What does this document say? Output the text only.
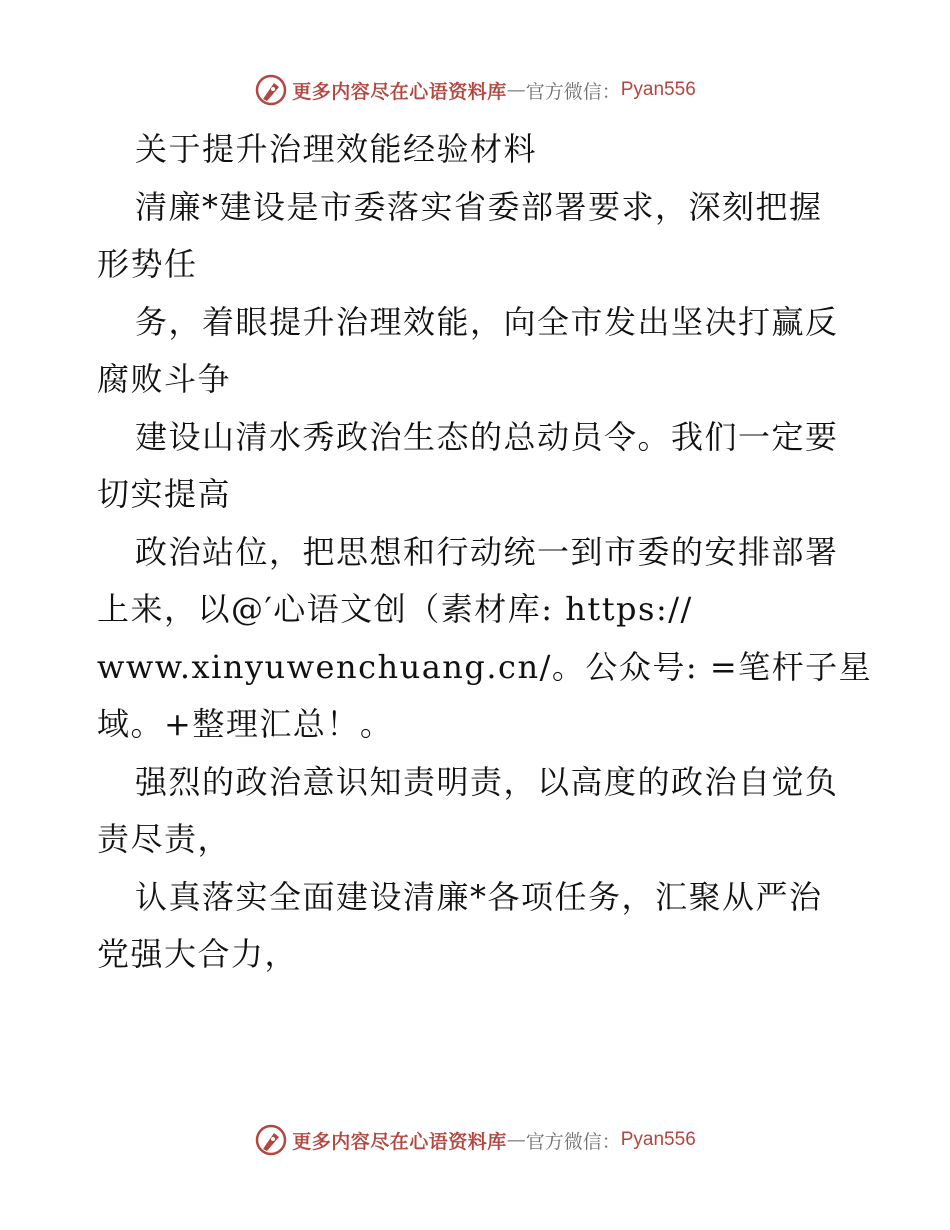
更多内容尽在心语资料库 — 官方微信： Pyan556
关于提升治理效能经验材料
清廉*建设是市委落实省委部署要求，深刻把握
形势任
务，着眼提升治理效能，向全市发出坚决打赢反
腐败斗争
建设山清水秀政治生态的总动员令。我们一定要
切实提高
政治站位，把思想和行动统一到市委的安排部署
上来，以@′心语文创（素材库: https://
www.xinyuwenchuang.cn/。公众号: =笔杆子星
域。+整理汇总！。
强烈的政治意识知责明责，以高度的政治自觉负
责尽责，
认真落实全面建设清廉*各项任务，汇聚从严治
党强大合力，
更多内容尽在心语资料库 — 官方微信： Pyan556
